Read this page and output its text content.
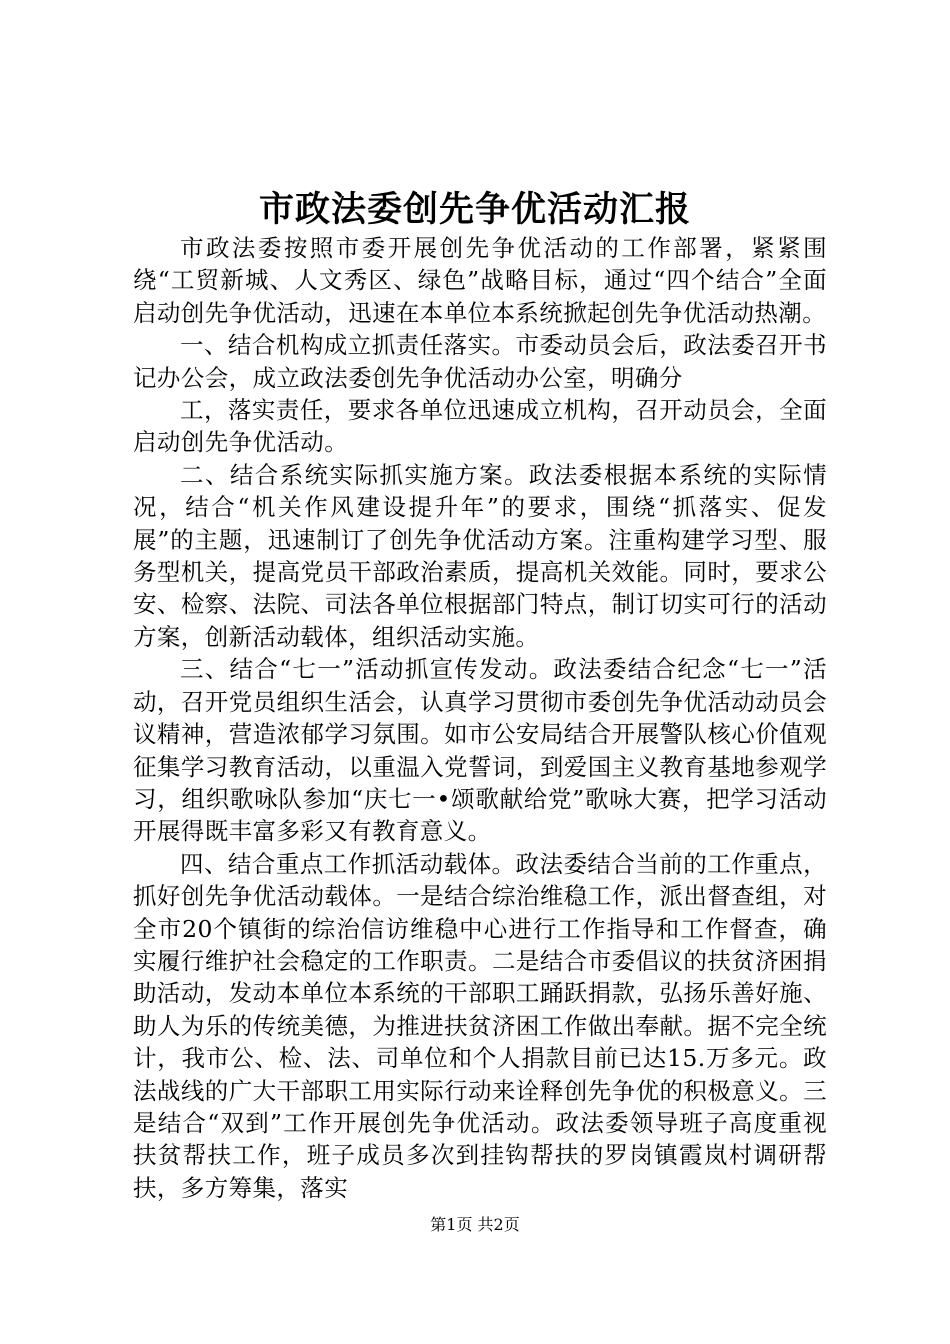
市政法委创先争优活动汇报

市政法委按照市委开展创先争优活动的工作部署，紧紧围绕“工贸新城、人文秀区、绿色”战略目标，通过“四个结合”全面启动创先争优活动，迅速在本单位本系统掀起创先争优活动热潮。

一、结合机构成立抓责任落实。市委动员会后，政法委召开书记办公会，成立政法委创先争优活动办公室，明确分

工，落实责任，要求各单位迅速成立机构，召开动员会，全面启动创先争优活动。

二、结合系统实际抓实施方案。政法委根据本系统的实际情况，结合“机关作风建设提升年”的要求，围绕“抓落实、促发展”的主题，迅速制订了创先争优活动方案。注重构建学习型、服务型机关，提高党员干部政治素质，提高机关效能。同时，要求公安、检察、法院、司法各单位根据部门特点，制订切实可行的活动方案，创新活动载体，组织活动实施。

三、结合“七一”活动抓宣传发动。政法委结合纪念“七一”活动，召开党员组织生活会，认真学习贯彻市委创先争优活动动员会议精神，营造浓郁学习氛围。如市公安局结合开展警队核心价值观征集学习教育活动，以重温入党誓词，到爱国主义教育基地参观学习，组织歌咏队参加“庆七一•颂歌献给党”歌咏大赛，把学习活动开展得既丰富多彩又有教育意义。

四、结合重点工作抓活动载体。政法委结合当前的工作重点，抓好创先争优活动载体。一是结合综治维稳工作，派出督查组，对全市20个镇街的综治信访维稳中心进行工作指导和工作督查，确实履行维护社会稳定的工作职责。二是结合市委倡议的扶贫济困捐助活动，发动本单位本系统的干部职工踊跃捐款，弘扬乐善好施、助人为乐的传统美德，为推进扶贫济困工作做出奉献。据不完全统计，我市公、检、法、司单位和个人捐款目前已达15.万多元。政法战线的广大干部职工用实际行动来诠释创先争优的积极意义。三是结合“双到”工作开展创先争优活动。政法委领导班子高度重视扶贫帮扶工作，班子成员多次到挂钩帮扶的罗岗镇霞岚村调研帮扶，多方筹集，落实

第1页 共2页
